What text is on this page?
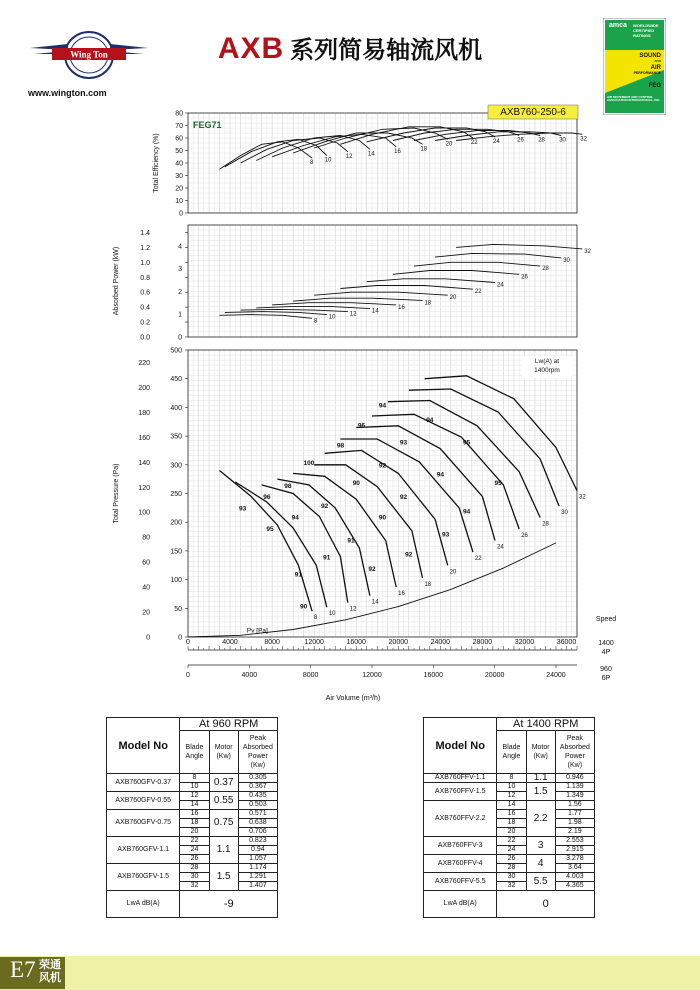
Wing Ton
www.wington.com
AXB 系列简易轴流风机
amca WORLDWIDE
CERTIFIED
RATINGS
SOUND
and
AIR
PERFORMANCE
FEG
AIR MOVEMENT AND CONTROL ASSOCIATION INTERNATIONAL, INC.
0
10
20
30
40
50
60
70
80
Total Efficiency (%)
AXB760-250-6
FEG71
8 10
12	14	16	18
20	22	24	26 28 30 32
0.0
0.2
0.4
0.6
0.8
1.0
1.2
1.4
0
1
2
3
4
Absorbed Power (kW)
8
10 12	14
16
18
20
22
24
26
28
30
32
0
50
100
150
200
250
300
350
400
450
500
0
20
40
60
80
100
120
140
160
180
200
220
Total Pressure (Pa)
Lw(A) at
1400rpm
Pv [Pa]
8
10
12
14
16
18
20
22
24
26
28
30
32
93
96
98
95
94
100
92
91
91
91
90
90
98
96
94
94
93
92
92
90
92
92
93
94
95
94
95
0	4000	8000	12000	16000	20000	24000	28000	32000	36000
0	4000	8000	12000	16000	20000	24000
Air Volume (m³/h)
Speed
1400
4P
960
6P
Model No	At 960 RPM		
	Blade Angle	Motor (Kw)	Peak Absorbed Power (Kw)
AXB760GFV-0.37	8	0.37	0.305
	10		0.367
AXB760GFV-0.55	12	0.55	0.435
	14		0.503
AXB760GFV-0.75	16	0.75	0.571
	18		0.638
	20		0.706
AXB760GFV-1.1	22	1.1	0.823
	24		0.94
	26		1.057
AXB760GFV-1.5	28	1.5	1.174
	30		1.291
	32		1.407
LwA dB(A)	-9		
Model No	At 1400 RPM		
	Blade Angle	Motor (Kw)	Peak Absorbed Power (Kw)
AXB760FFV-1.1	8	1.1	0.946
AXB760FFV-1.5	10	1.5	1.139
	12		1.349
AXB760FFV-2.2	14	2.2	1.56
	16		1.77
	18		1.98
	20		2.19
AXB760FFV-3	22	3	2.553
	24		2.915
AXB760FFV-4	26	4	3.278
	28		3.64
AXB760FFV-5.5	30	5.5	4.003
	32		4.365
LwA dB(A)	0		
E7 荣通
风机
